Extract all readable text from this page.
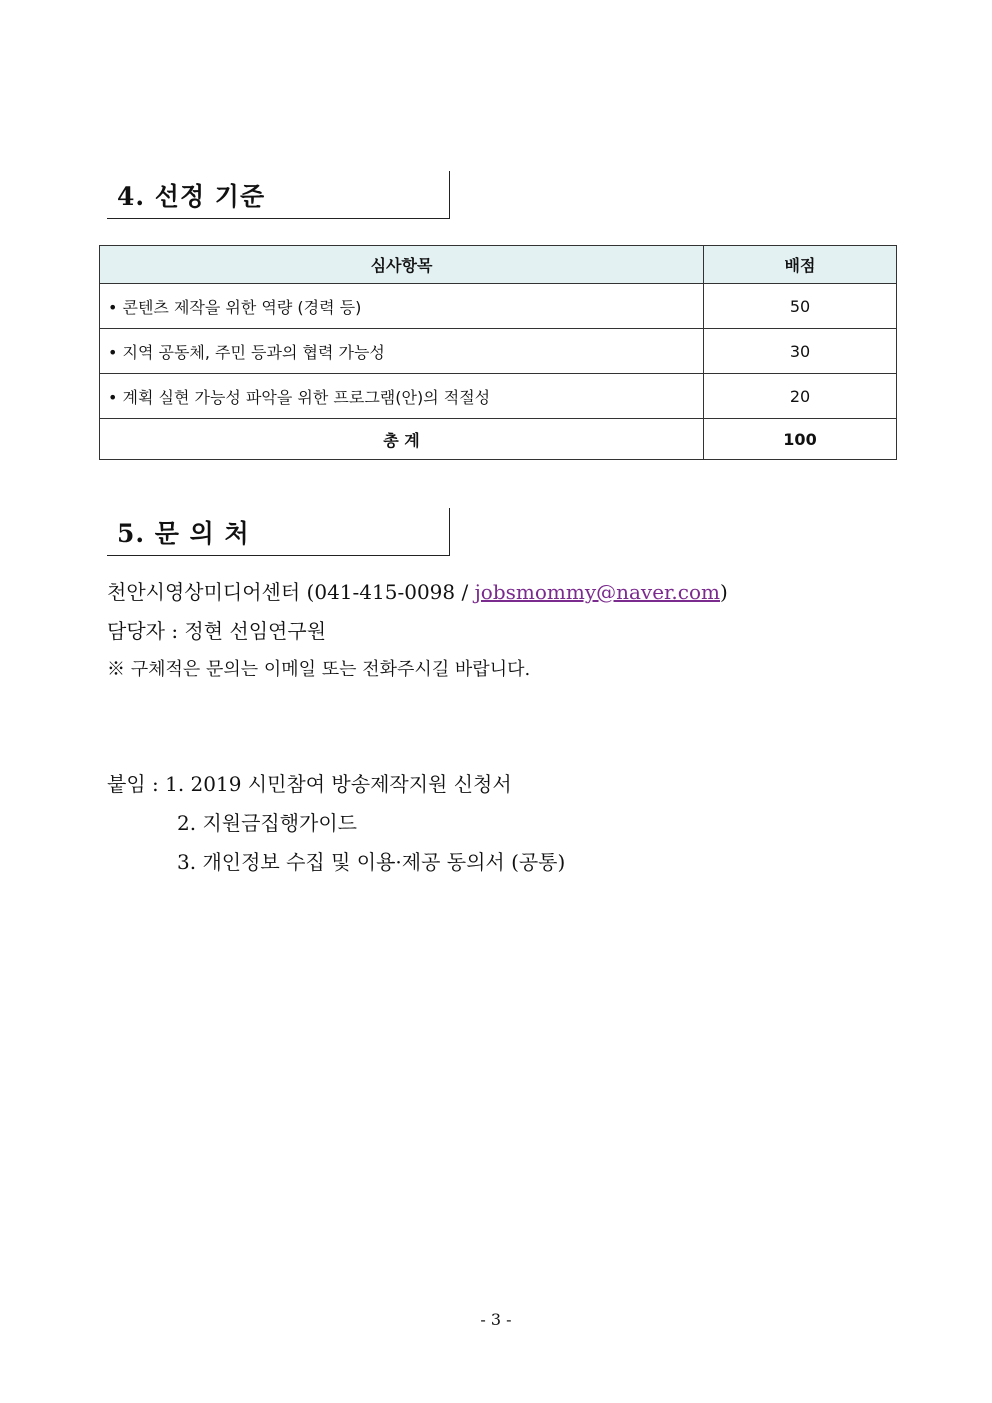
4. 선정 기준
심사항목	배점
• 콘텐츠 제작을 위한 역량 (경력 등)	50
• 지역 공동체, 주민 등과의 협력 가능성	30
• 계획 실현 가능성 파악을 위한 프로그램(안)의 적절성	20
총 계	100
5. 문 의 처
천안시영상미디어센터 (041-415-0098 / jobsmommy@naver.com)
담당자 : 정현 선임연구원
※ 구체적은 문의는 이메일 또는 전화주시길 바랍니다.
붙임 : 1. 2019 시민참여 방송제작지원 신청서
2. 지원금집행가이드
3. 개인정보 수집 및 이용·제공 동의서 (공통)
- 3 -
